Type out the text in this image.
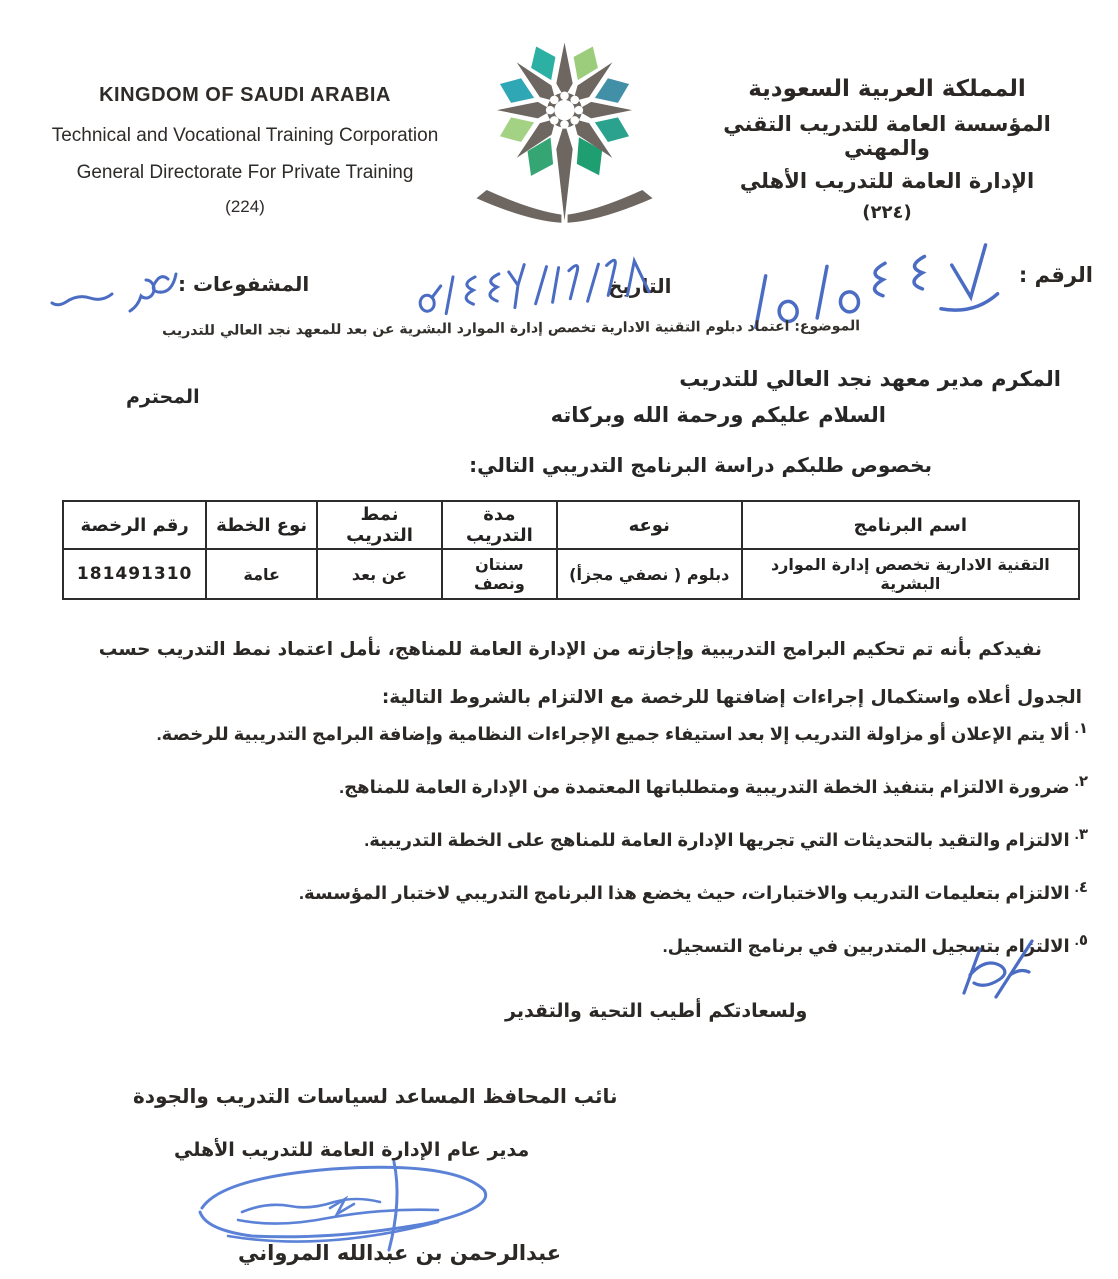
KINGDOM OF SAUDI ARABIA
Technical and Vocational Training Corporation
General Directorate For Private Training
(224)
المملكة العربية السعودية
المؤسسة العامة للتدريب التقني والمهني
الإدارة العامة للتدريب الأهلي
(٢٢٤)
الرقم :
التاريخ
المشفوعات :
الموضوع: اعتماد دبلوم التقنية الادارية تخصص إدارة الموارد البشرية عن بعد للمعهد نجد العالي للتدريب
المكرم مدير معهد نجد العالي للتدريب
المحترم
السلام عليكم ورحمة الله وبركاته
بخصوص طلبكم دراسة البرنامج التدريبي التالي:
اسم البرنامج	نوعه	مدة التدريب	نمط التدريب	نوع الخطة	رقم الرخصة
التقنية الادارية تخصص إدارة الموارد البشرية	دبلوم ( نصفي مجزأ)	سنتان ونصف	عن بعد	عامة	181491310
نفيدكم بأنه تم تحكيم البرامج التدريبية وإجازته من الإدارة العامة للمناهج، نأمل اعتماد نمط التدريب حسب الجدول أعلاه واستكمال إجراءات إضافتها للرخصة مع الالتزام بالشروط التالية:
$^{١.}$ألا يتم الإعلان أو مزاولة التدريب إلا بعد استيفاء جميع الإجراءات النظامية وإضافة البرامج التدريبية للرخصة.
$^{٢.}$ضرورة الالتزام بتنفيذ الخطة التدريبية ومتطلباتها المعتمدة من الإدارة العامة للمناهج.
$^{٣.}$الالتزام والتقيد بالتحديثات التي تجريها الإدارة العامة للمناهج على الخطة التدريبية.
$^{٤.}$الالتزام بتعليمات التدريب والاختبارات، حيث يخضع هذا البرنامج التدريبي لاختبار المؤسسة.
$^{٥.}$الالتزام بتسجيل المتدربين في برنامج التسجيل.
ولسعادتكم أطيب التحية والتقدير
نائب المحافظ المساعد لسياسات التدريب والجودة
مدير عام الإدارة العامة للتدريب الأهلي
عبدالرحمن بن عبدالله المرواني
